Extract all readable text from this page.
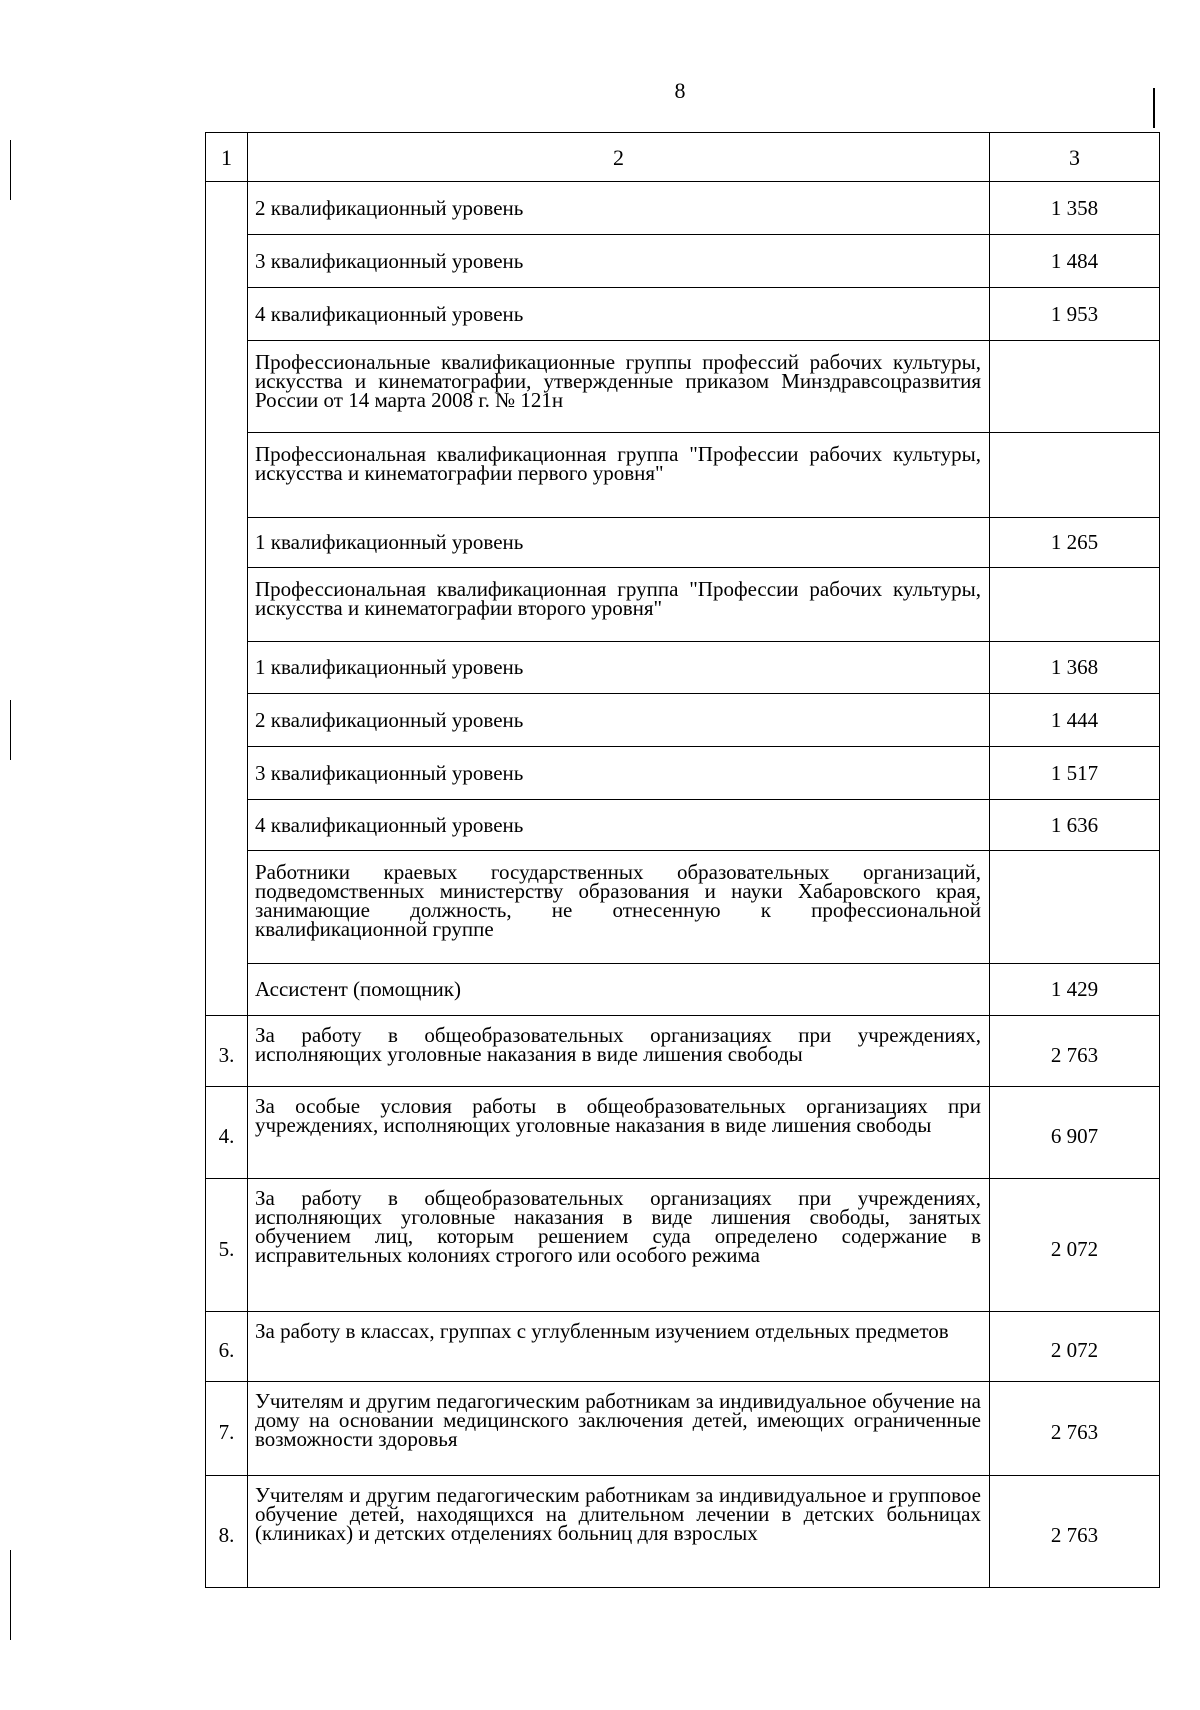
8
1	2	3
	2 квалификационный уровень	1 358
	3 квалификационный уровень	1 484
	4 квалификационный уровень	1 953
	Профессиональные квалификационные группы профессий рабочих культуры, искусства и кинематографии, утвержденные приказом Минздравсоцразвития России от 14 марта 2008 г. № 121н	
	Профессиональная квалификационная группа "Профессии рабочих культуры, искусства и кинематографии первого уровня"	
	1 квалификационный уровень	1 265
	Профессиональная квалификационная группа "Профессии рабочих культуры, искусства и кинематографии второго уровня"	
	1 квалификационный уровень	1 368
	2 квалификационный уровень	1 444
	3 квалификационный уровень	1 517
	4 квалификационный уровень	1 636
	Работники краевых государственных образовательных организаций, подведомственных министерству образования и науки Хабаровского края, занимающие должность, не отнесенную к профессиональной квалификационной группе	
	Ассистент (помощник)	1 429
3.	За работу в общеобразовательных организациях при учреждениях, исполняющих уголовные наказания в виде лишения свободы	2 763
4.	За особые условия работы в общеобразовательных организациях при учреждениях, исполняющих уголовные наказания в виде лишения свободы	6 907
5.	За работу в общеобразовательных организациях при учреждениях, исполняющих уголовные наказания в виде лишения свободы, занятых обучением лиц, которым решением суда определено содержание в исправительных колониях строгого или особого режима	2 072
6.	За работу в классах, группах с углубленным изучением отдельных предметов	2 072
7.	Учителям и другим педагогическим работникам за индивидуальное обучение на дому на основании медицинского заключения детей, имеющих ограниченные возможности здоровья	2 763
8.	Учителям и другим педагогическим работникам за индивидуальное и групповое обучение детей, находящихся на длительном лечении в детских больницах (клиниках) и детских отделениях больниц для взрослых	2 763
